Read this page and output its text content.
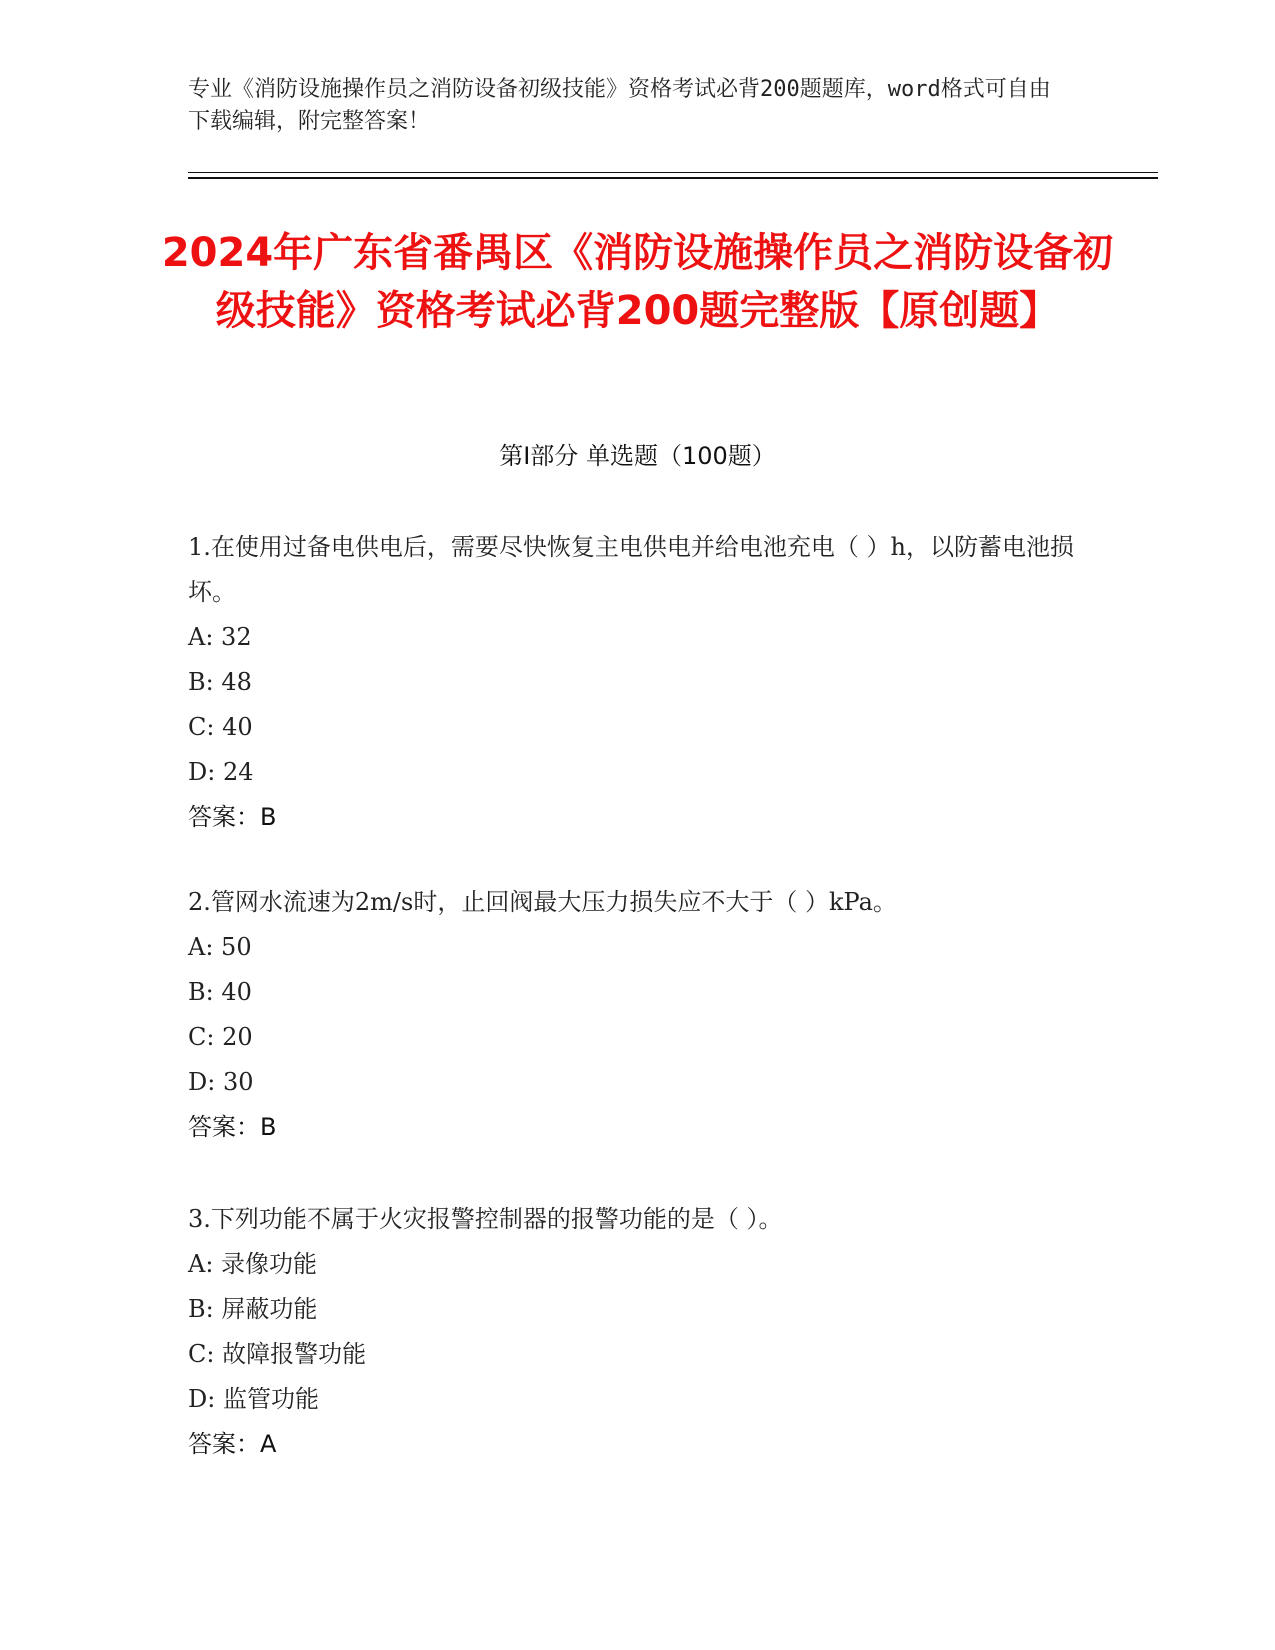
专业《消防设施操作员之消防设备初级技能》资格考试必背200题题库，word格式可自由下载编辑，附完整答案！
2024年广东省番禺区《消防设施操作员之消防设备初级技能》资格考试必背200题完整版【原创题】
第I部分 单选题（100题）
1.在使用过备电供电后，需要尽快恢复主电供电并给电池充电（ ）h，以防蓄电池损坏。
A: 32
B: 48
C: 40
D: 24
答案：B
2.管网水流速为2m/s时，止回阀最大压力损失应不大于（ ）kPa。
A: 50
B: 40
C: 20
D: 30
答案：B
3.下列功能不属于火灾报警控制器的报警功能的是（ ）。
A: 录像功能
B: 屏蔽功能
C: 故障报警功能
D: 监管功能
答案：A
